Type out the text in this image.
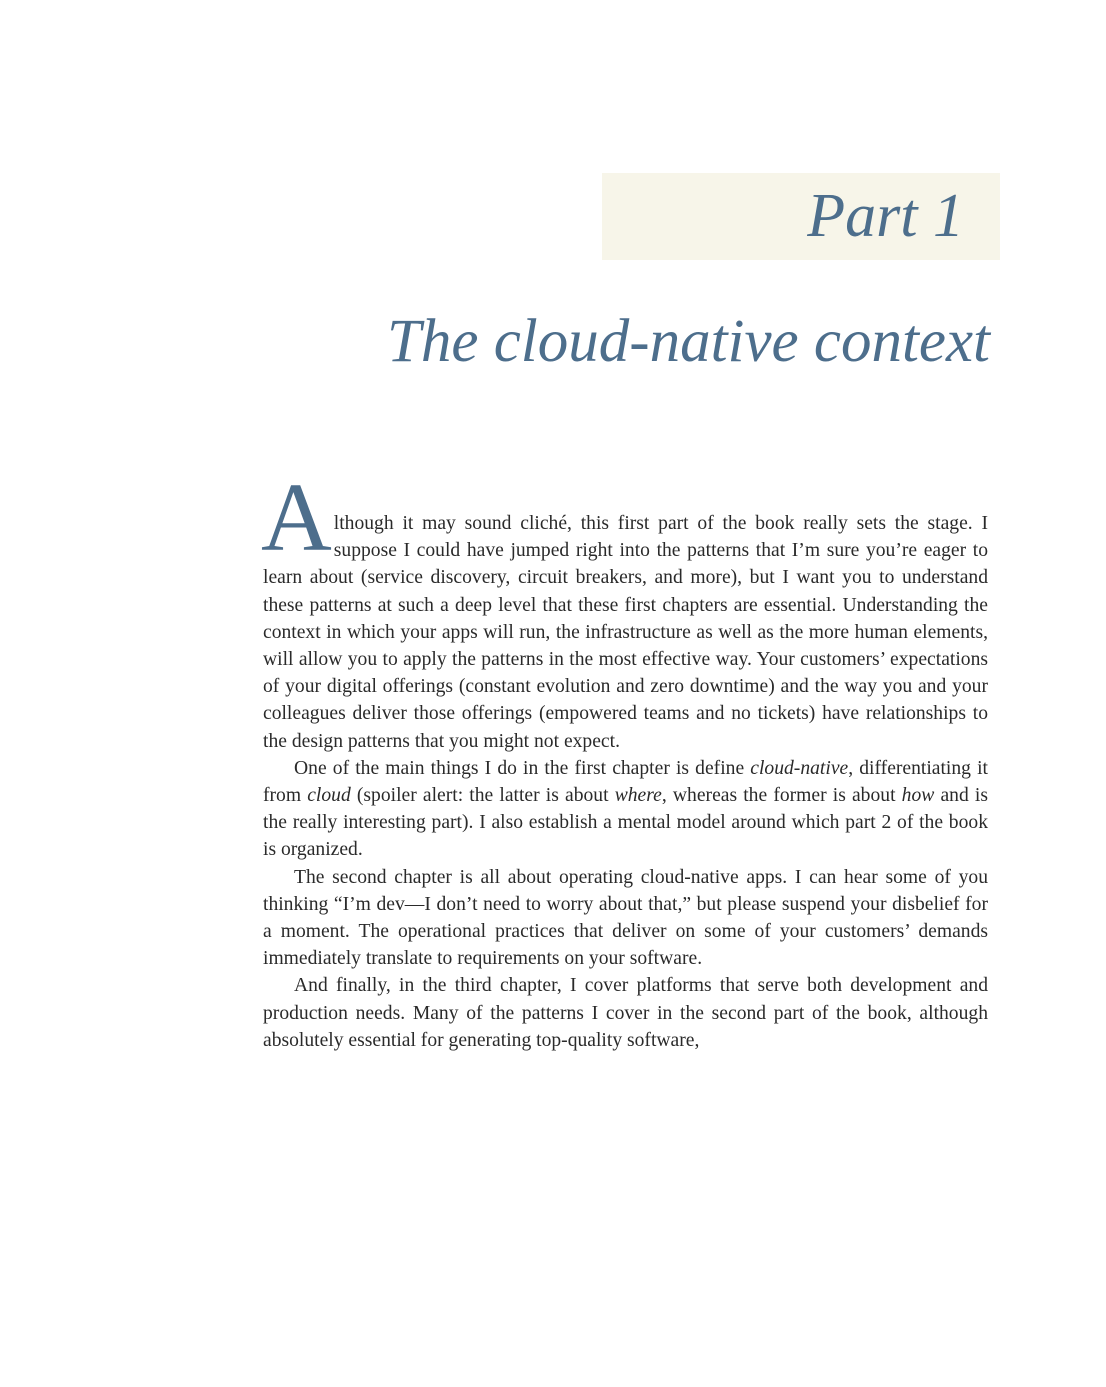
Part 1
The cloud-native context

Although it may sound cliché, this first part of the book really sets the stage. I suppose I could have jumped right into the patterns that I’m sure you’re eager to learn about (service discovery, circuit breakers, and more), but I want you to understand these patterns at such a deep level that these first chapters are essential. Understanding the context in which your apps will run, the infrastructure as well as the more human elements, will allow you to apply the patterns in the most effective way. Your customers’ expectations of your digital offerings (constant evolution and zero downtime) and the way you and your colleagues deliver those offerings (empowered teams and no tickets) have relationships to the design patterns that you might not expect.

One of the main things I do in the first chapter is define cloud-native, differentiating it from cloud (spoiler alert: the latter is about where, whereas the former is about how and is the really interesting part). I also establish a mental model around which part 2 of the book is organized.

The second chapter is all about operating cloud-native apps. I can hear some of you thinking “I’m dev—I don’t need to worry about that,” but please suspend your disbelief for a moment. The operational practices that deliver on some of your customers’ demands immediately translate to requirements on your software.

And finally, in the third chapter, I cover platforms that serve both development and production needs. Many of the patterns I cover in the second part of the book, although absolutely essential for generating top-quality software,
